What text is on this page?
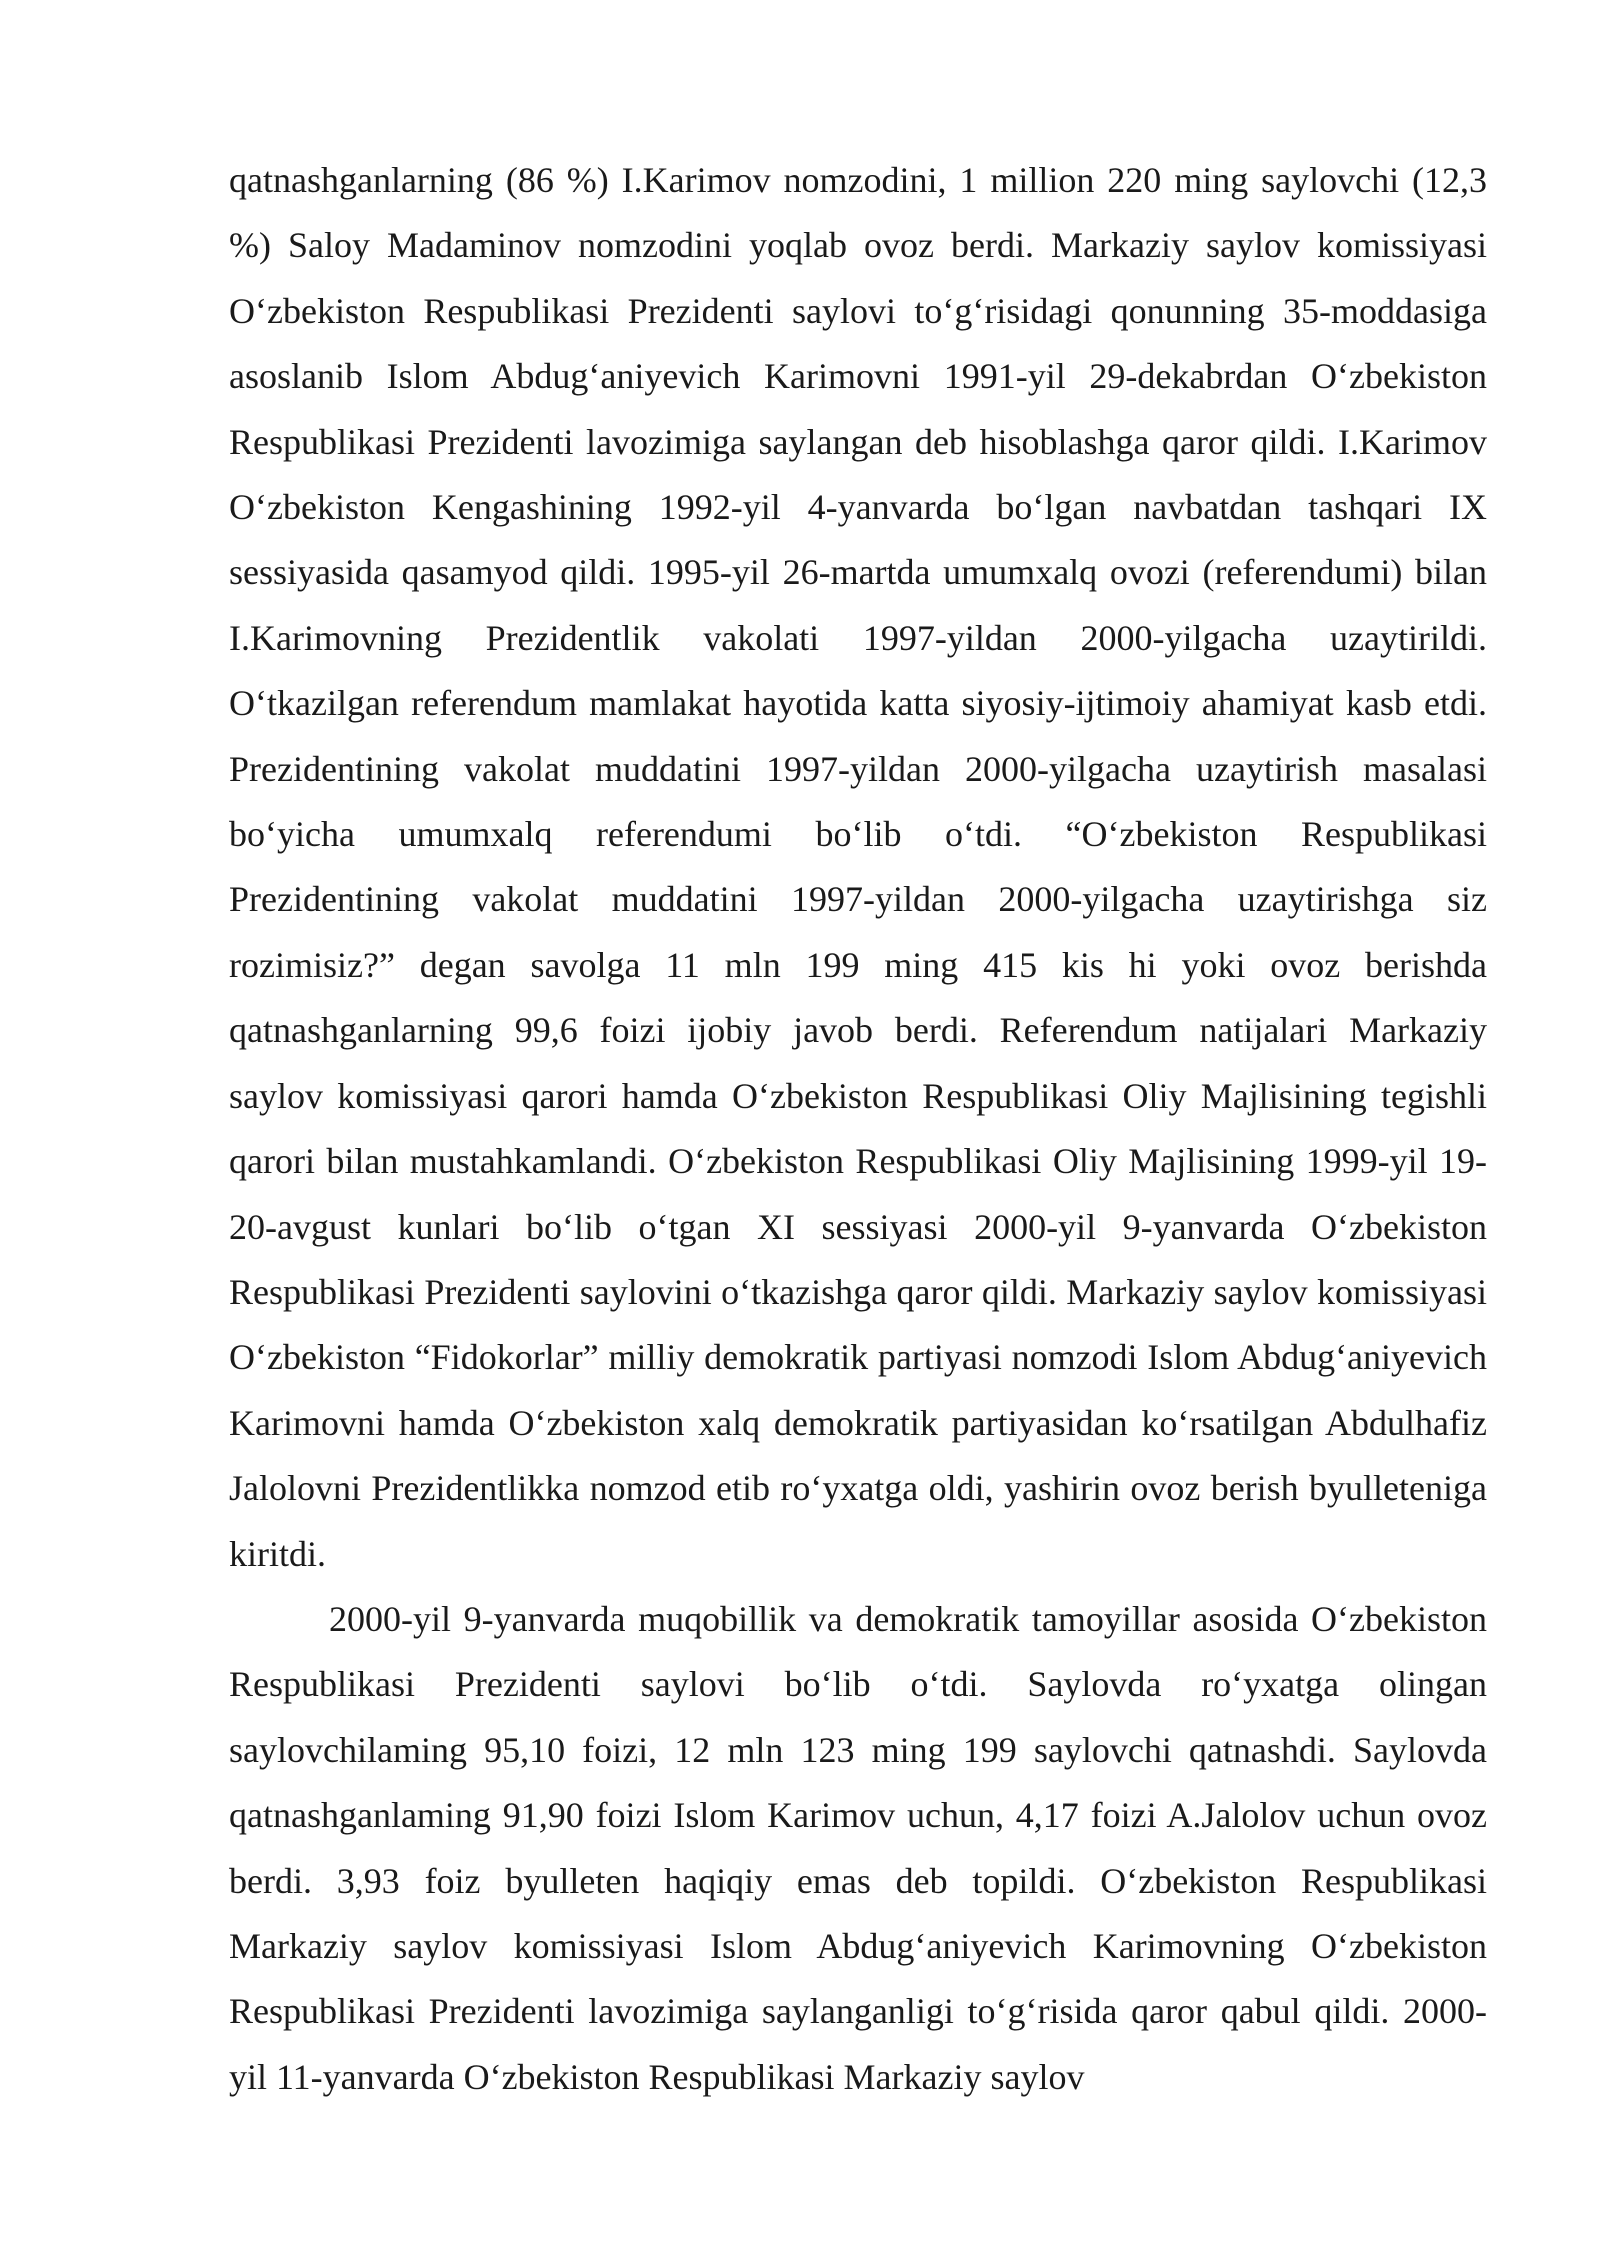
qatnashganlarning (86 %) I.Karimov nomzodini, 1 million 220 ming saylovchi (12,3 %) Saloy Madaminov nomzodini yoqlab ovoz berdi. Markaziy saylov komissiyasi O‘zbekiston Respublikasi Prezidenti saylovi to‘g‘risidagi qonunning 35-moddasiga asoslanib Islom Abdug‘aniyevich Karimovni 1991-yil 29-dekabrdan O‘zbekiston Respublikasi Prezidenti lavozimiga saylangan deb hisoblashga qaror qildi. I.Karimov O‘zbekiston Kengashining 1992-yil 4-yanvarda bo‘lgan navbatdan tashqari IX sessiyasida qasamyod qildi. 1995-yil 26-martda umumxalq ovozi (referendumi) bilan I.Karimovning Prezidentlik vakolati 1997-yildan 2000-yilgacha uzaytirildi. O‘tkazilgan referendum mamlakat hayotida katta siyosiy-ijtimoiy ahamiyat kasb etdi. Prezidentining vakolat muddatini 1997-yildan 2000-yilgacha uzaytirish masalasi bo‘yicha umumxalq referendumi bo‘lib o‘tdi. “O‘zbekiston Respublikasi Prezidentining vakolat muddatini 1997-yildan 2000-yilgacha uzaytirishga siz rozimisiz?” degan savolga 11 mln 199 ming 415 kis hi yoki ovoz berishda qatnashganlarning 99,6 foizi ijobiy javob berdi. Referendum natijalari Markaziy saylov komissiyasi qarori hamda O‘zbekiston Respublikasi Oliy Majlisining tegishli qarori bilan mustahkamlandi. O‘zbekiston Respublikasi Oliy Majlisining 1999-yil 19-20-avgust kunlari bo‘lib o‘tgan XI sessiyasi 2000-yil 9-yanvarda O‘zbekiston Respublikasi Prezidenti saylovini o‘tkazishga qaror qildi. Markaziy saylov komissiyasi O‘zbekiston “Fidokorlar” milliy demokratik partiyasi nomzodi Islom Abdug‘aniyevich Karimovni hamda O‘zbekiston xalq demokratik partiyasidan ko‘rsatilgan Abdulhafiz Jalolovni Prezidentlikka nomzod etib ro‘yxatga oldi, yashirin ovoz berish byulleteniga kiritdi.

2000-yil 9-yanvarda muqobillik va demokratik tamoyillar asosida O‘zbekiston Respublikasi Prezidenti saylovi bo‘lib o‘tdi. Saylovda ro‘yxatga olingan saylovchilaming 95,10 foizi, 12 mln 123 ming 199 saylovchi qatnashdi. Saylovda qatnashganlaming 91,90 foizi Islom Karimov uchun, 4,17 foizi A.Jalolov uchun ovoz berdi. 3,93 foiz byulleten haqiqiy emas deb topildi. O‘zbekiston Respublikasi Markaziy saylov komissiyasi Islom Abdug‘aniyevich Karimovning O‘zbekiston Respublikasi Prezidenti lavozimiga saylanganligi to‘g‘risida qaror qabul qildi. 2000-yil 11-yanvarda O‘zbekiston Respublikasi Markaziy saylov
